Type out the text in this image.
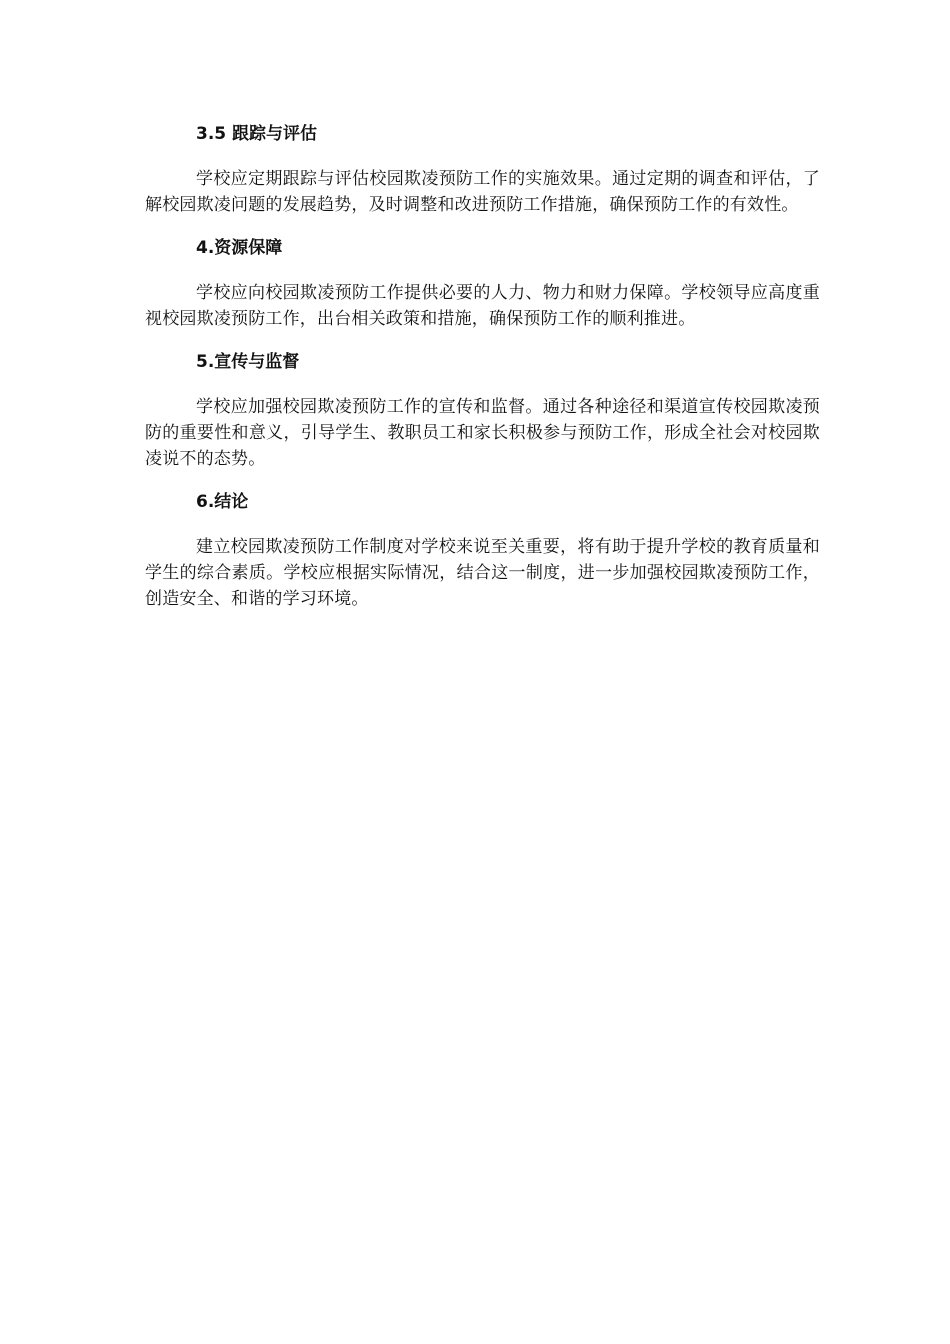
3.5 跟踪与评估

学校应定期跟踪与评估校园欺凌预防工作的实施效果。通过定期的调查和评估，了解校园欺凌问题的发展趋势，及时调整和改进预防工作措施，确保预防工作的有效性。

4.资源保障

学校应向校园欺凌预防工作提供必要的人力、物力和财力保障。学校领导应高度重视校园欺凌预防工作，出台相关政策和措施，确保预防工作的顺利推进。

5.宣传与监督

学校应加强校园欺凌预防工作的宣传和监督。通过各种途径和渠道宣传校园欺凌预防的重要性和意义，引导学生、教职员工和家长积极参与预防工作，形成全社会对校园欺凌说不的态势。

6.结论

建立校园欺凌预防工作制度对学校来说至关重要，将有助于提升学校的教育质量和学生的综合素质。学校应根据实际情况，结合这一制度，进一步加强校园欺凌预防工作，创造安全、和谐的学习环境。
